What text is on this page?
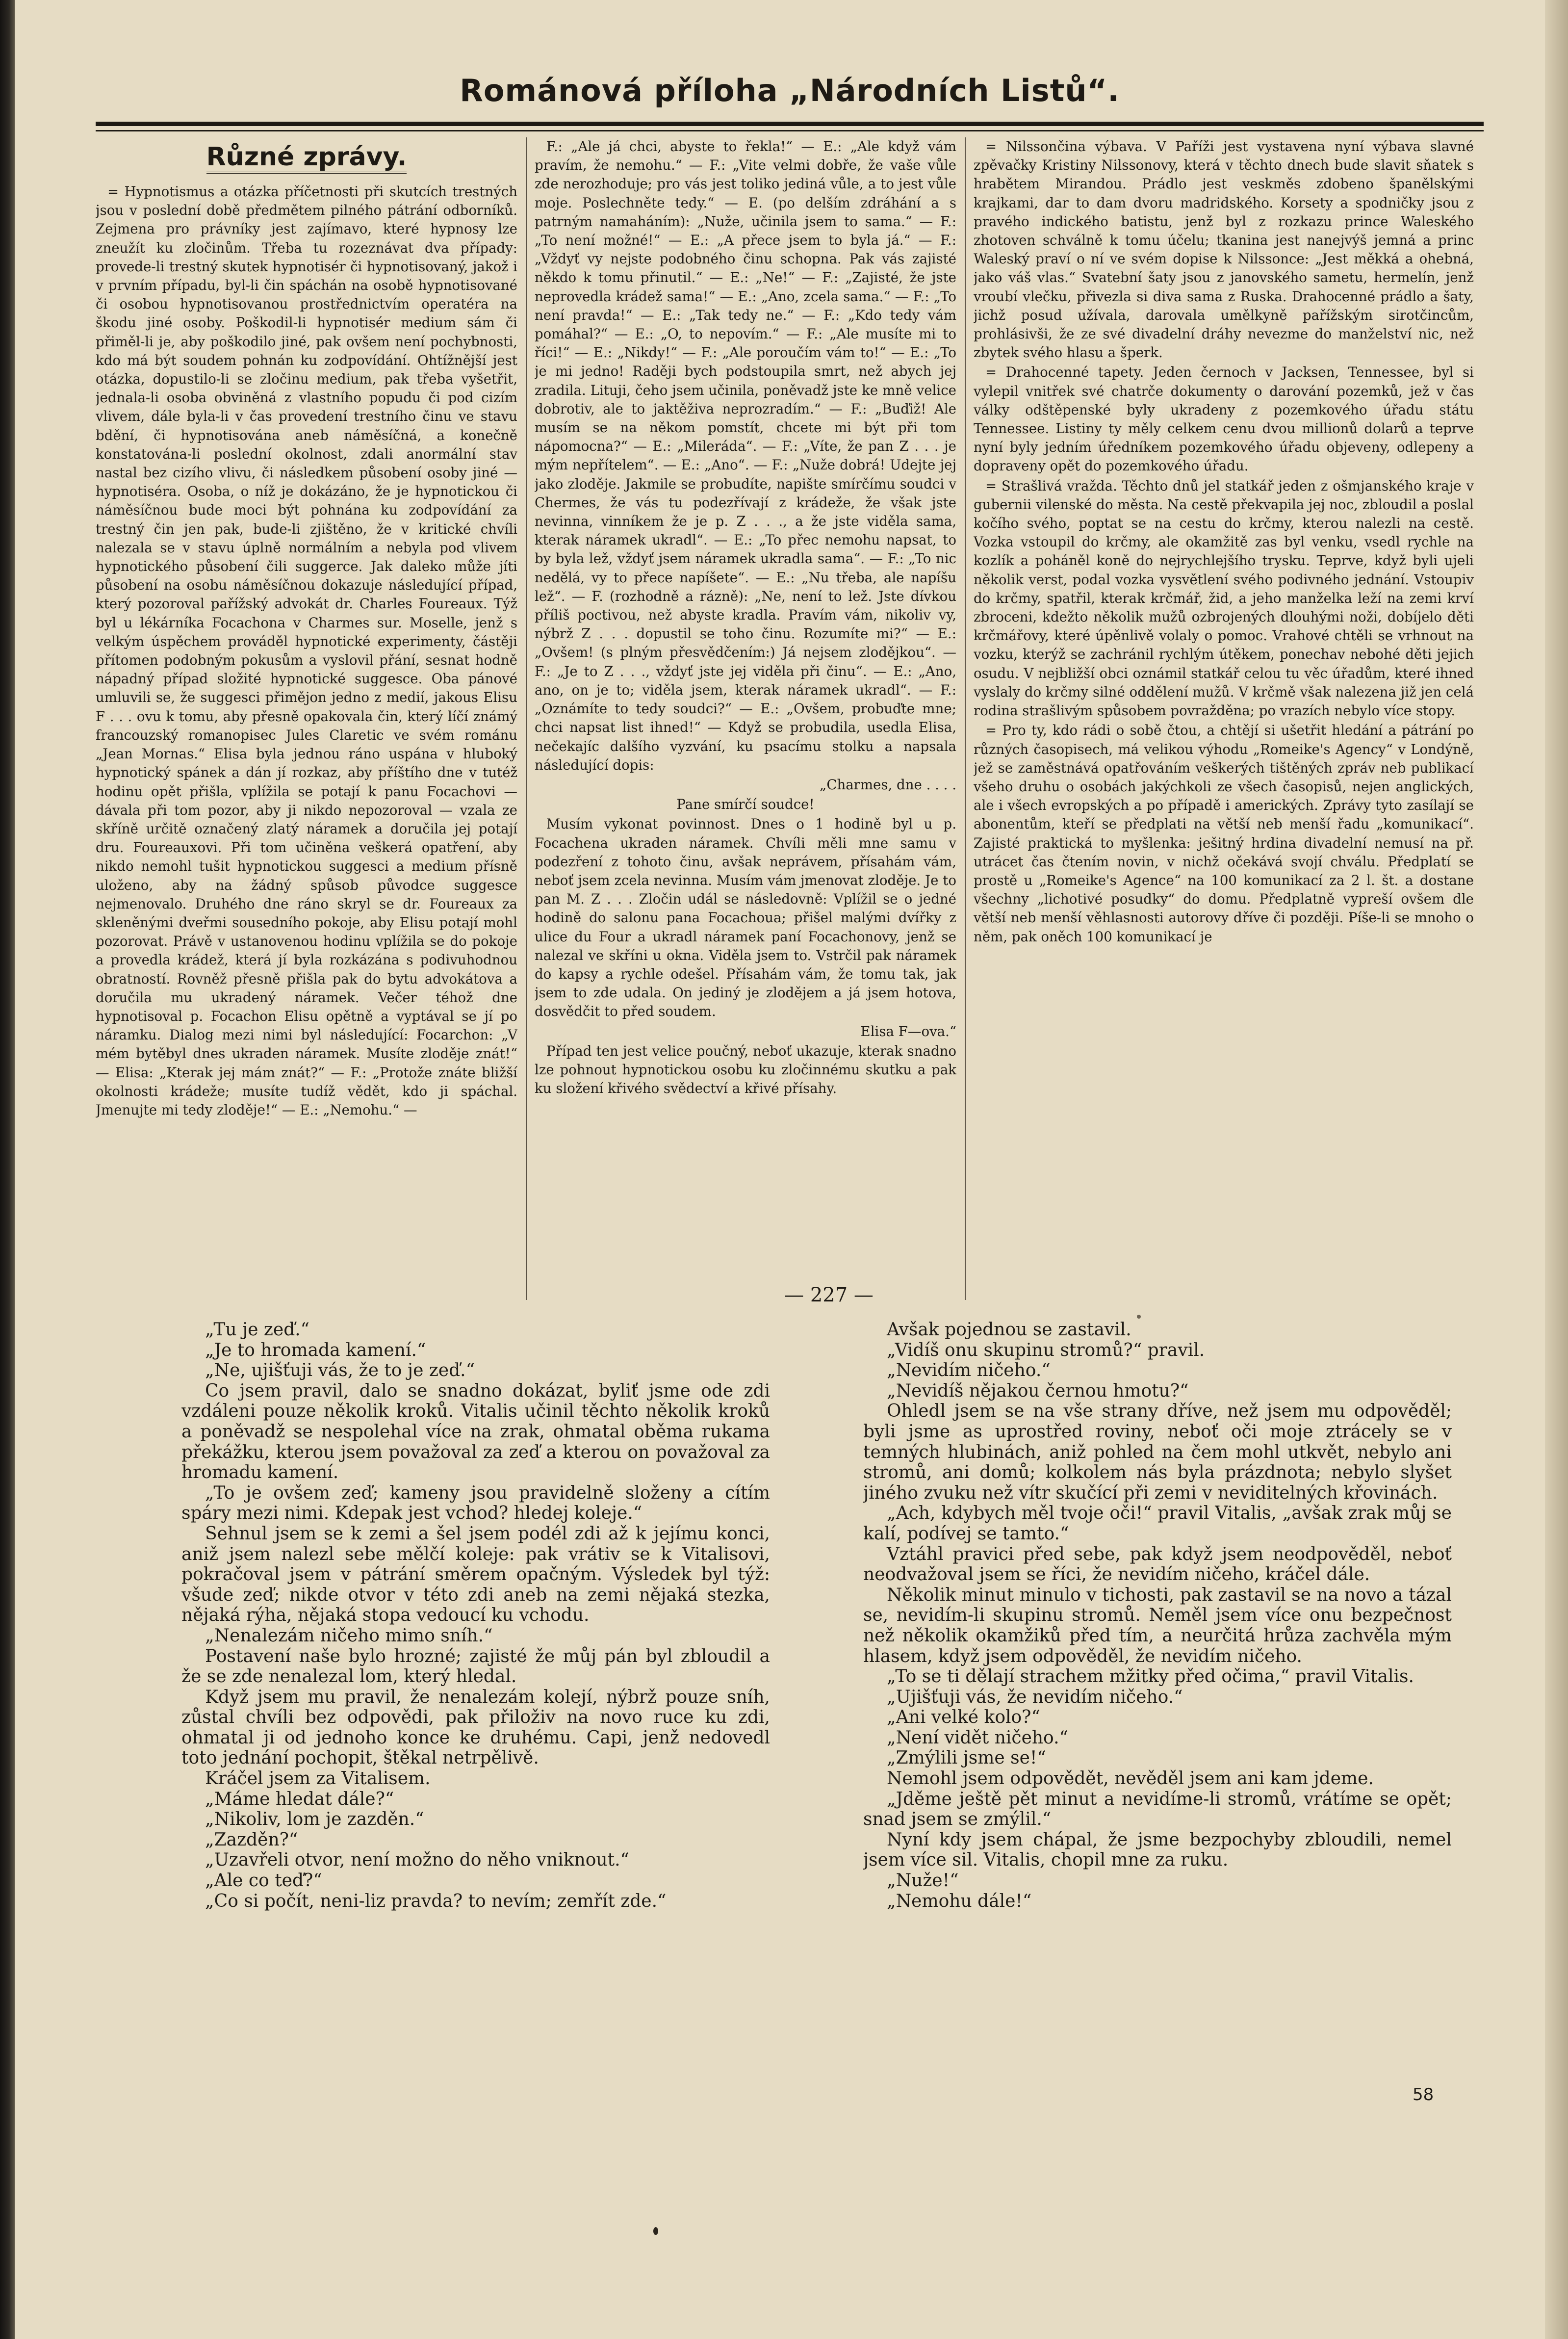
Románová příloha „Národních Listů“.
Různé zprávy.

= Hypnotismus a otázka příčetnosti při skutcích trestných jsou v poslední době předmětem pilného pátrání odborníků. Zejmena pro právníky jest zajímavo, které hypnosy lze zneužít ku zločinům. Třeba tu rozeznávat dva případy: provede-li trestný skutek hypnotisér či hypnotisovaný, jakož i v prvním případu, byl-li čin spáchán na osobě hypnotisované či osobou hypnotisovanou prostřednictvím operatéra na škodu jiné osoby. Poškodil-li hypnotisér medium sám či přiměl-li je, aby poškodilo jiné, pak ovšem není pochybnosti, kdo má být soudem pohnán ku zodpovídání. Ohtížnější jest otázka, dopustilo-li se zločinu medium, pak třeba vyšetřit, jednala-li osoba obviněná z vlastního popudu či pod cizím vlivem, dále byla-li v čas provedení trestního činu ve stavu bdění, či hypnotisována aneb náměsíčná, a konečně konstatována-li poslední okolnost, zdali anormální stav nastal bez cizího vlivu, či následkem působení osoby jiné — hypnotiséra. Osoba, o níž je dokázáno, že je hypnotickou či náměsíčnou bude moci být pohnána ku zodpovídání za trestný čin jen pak, bude-li zjištěno, že v kritické chvíli nalezala se v stavu úplně normálním a nebyla pod vlivem hypnotického působení čili suggerce. Jak daleko může jíti působení na osobu náměsíčnou dokazuje následující případ, který pozoroval pařížský advokát dr. Charles Foureaux. Týž byl u lékárníka Focachona v Charmes sur. Moselle, jenž s velkým úspěchem prováděl hypnotické experimenty, částěji přítomen podobným pokusům a vyslovil přání, sesnat hodně nápadný případ složité hypnotické suggesce. Oba pánové umluvili se, že suggesci přimějon jedno z medií, jakous Elisu F . . . ovu k tomu, aby přesně opakovala čin, který líčí známý francouzský romanopisec Jules Claretic ve svém románu „Jean Mornas.“ Elisa byla jednou ráno uspána v hluboký hypnotický spánek a dán jí rozkaz, aby příštího dne v tutéž hodinu opět přišla, vplížila se potají k panu Focachovi — dávala při tom pozor, aby ji nikdo nepozoroval — vzala ze skříně určitě označený zlatý náramek a doručila jej potají dru. Foureauxovi. Při tom učiněna veškerá opatření, aby nikdo nemohl tušit hypnotickou suggesci a medium přísně uloženo, aby na žádný spůsob původce suggesce nejmenovalo. Druhého dne ráno skryl se dr. Foureaux za skleněnými dveřmi sousedního pokoje, aby Elisu potají mohl pozorovat. Právě v ustanovenou hodinu vplížila se do pokoje a provedla krádež, která jí byla rozkázána s podivuhodnou obratností. Rovněž přesně přišla pak do bytu advokátova a doručila mu ukradený náramek. Večer téhož dne hypnotisoval p. Focachon Elisu opětně a vyptával se jí po náramku. Dialog mezi nimi byl následující: Focarchon: „V mém bytěbyl dnes ukraden náramek. Musíte zloděje znát!“ — Elisa: „Kterak jej mám znát?“ — F.: „Protože znáte bližší okolnosti krádeže; musíte tudíž vědět, kdo ji spáchal. Jmenujte mi tedy zloděje!“ — E.: „Nemohu.“ —

F.: „Ale já chci, abyste to řekla!“ — E.: „Ale když vám pravím, že nemohu.“ — F.: „Vite velmi dobře, že vaše vůle zde nerozhoduje; pro vás jest toliko jediná vůle, a to jest vůle moje. Poslechněte tedy.“ — E. (po delším zdráhání a s patrným namaháním): „Nuže, učinila jsem to sama.“ — F.: „To není možné!“ — E.: „A přece jsem to byla já.“ — F.: „Vždyť vy nejste podobného činu schopna. Pak vás zajisté někdo k tomu přinutil.“ — E.: „Ne!“ — F.: „Zajisté, že jste neprovedla krádež sama!“ — E.: „Ano, zcela sama.“ — F.: „To není pravda!“ — E.: „Tak tedy ne.“ — F.: „Kdo tedy vám pomáhal?“ — E.: „O, to nepovím.“ — F.: „Ale musíte mi to říci!“ — E.: „Nikdy!“ — F.: „Ale poroučím vám to!“ — E.: „To je mi jedno! Raději bych podstoupila smrt, než abych jej zradila. Lituji, čeho jsem učinila, poněvadž jste ke mně velice dobrotiv, ale to jaktěživa neprozradím.“ — F.: „Buďiž! Ale musím se na někom pomstít, chcete mi být při tom nápomocna?“ — E.: „Mileráda“. — F.: „Víte, že pan Z . . . je mým nepřítelem“. — E.: „Ano“. — F.: „Nuže dobrá! Udejte jej jako zloděje. Jakmile se probudíte, napište smírčímu soudci v Chermes, že vás tu podezřívají z krádeže, že však jste nevinna, vinníkem že je p. Z . . ., a že jste viděla sama, kterak náramek ukradl“. — E.: „To přec nemohu napsat, to by byla lež, vždyť jsem náramek ukradla sama“. — F.: „To nic nedělá, vy to přece napíšete“. — E.: „Nu třeba, ale napíšu lež“. — F. (rozhodně a rázně): „Ne, není to lež. Jste dívkou příliš poctivou, než abyste kradla. Pravím vám, nikoliv vy, nýbrž Z . . . dopustil se toho činu. Rozumíte mi?“ — E.: „Ovšem! (s plným přesvědčením:) Já nejsem zlodějkou“. — F.: „Je to Z . . ., vždyť jste jej viděla při činu“. — E.: „Ano, ano, on je to; viděla jsem, kterak náramek ukradl“. — F.: „Oznámíte to tedy soudci?“ — E.: „Ovšem, probuďte mne; chci napsat list ihned!“ — Když se probudila, usedla Elisa, nečekajíc dalšího vyzvání, ku psacímu stolku a napsala následující dopis:

„Charmes, dne . . . .

Pane smírčí soudce!

Musím vykonat povinnost. Dnes o 1 hodině byl u p. Focachena ukraden náramek. Chvíli měli mne samu v podezření z tohoto činu, avšak neprávem, přísahám vám, neboť jsem zcela nevinna. Musím vám jmenovat zloděje. Je to pan M. Z . . . Zločin udál se následovně: Vplížil se o jedné hodině do salonu pana Focachoua; přišel malými dvířky z ulice du Four a ukradl náramek paní Focachonovy, jenž se nalezal ve skříni u okna. Viděla jsem to. Vstrčil pak náramek do kapsy a rychle odešel. Přísahám vám, že tomu tak, jak jsem to zde udala. On jediný je zlodějem a já jsem hotova, dosvědčit to před soudem.

Elisa F—ova.“

Případ ten jest velice poučný, neboť ukazuje, kterak snadno lze pohnout hypnotickou osobu ku zločinnému skutku a pak ku složení křivého svědectví a křivé přísahy.

= Nilssončina výbava. V Paříži jest vystavena nyní výbava slavné zpěvačky Kristiny Nilssonovy, která v těchto dnech bude slavit sňatek s hrabětem Mirandou. Prádlo jest veskměs zdobeno španělskými krajkami, dar to dam dvoru madridského. Korsety a spodničky jsou z pravého indického batistu, jenž byl z rozkazu prince Waleského zhotoven schválně k tomu účelu; tkanina jest nanejvýš jemná a princ Waleský praví o ní ve svém dopise k Nilssonce: „Jest měkká a ohebná, jako váš vlas.“ Svatební šaty jsou z janovského sametu, hermelín, jenž vroubí vlečku, přivezla si diva sama z Ruska. Drahocenné prádlo a šaty, jichž posud užívala, darovala umělkyně pařížským sirotčincům, prohlásivši, že ze své divadelní dráhy nevezme do manželství nic, než zbytek svého hlasu a šperk.

= Drahocenné tapety. Jeden černoch v Jacksen, Tennessee, byl si vylepil vnitřek své chatrče dokumenty o darování pozemků, jež v čas války odštěpenské byly ukradeny z pozemkového úřadu státu Tennessee. Listiny ty měly celkem cenu dvou millionů dolarů a teprve nyní byly jedním úředníkem pozemkového úřadu objeveny, odlepeny a dopraveny opět do pozemkového úřadu.

= Strašlivá vražda. Těchto dnů jel statkář jeden z ošmjanského kraje v gubernii vilenské do města. Na cestě překvapila jej noc, zbloudil a poslal kočího svého, poptat se na cestu do krčmy, kterou nalezli na cestě. Vozka vstoupil do krčmy, ale okamžitě zas byl venku, vsedl rychle na kozlík a poháněl koně do nejrychlejšího trysku. Teprve, když byli ujeli několik verst, podal vozka vysvětlení svého podivného jednání. Vstoupiv do krčmy, spatřil, kterak krčmář, žid, a jeho manželka leží na zemi krví zbroceni, kdežto několik mužů ozbrojených dlouhými noži, dobíjelo děti krčmářovy, které úpěnlivě volaly o pomoc. Vrahové chtěli se vrhnout na vozku, kterýž se zachránil rychlým útěkem, ponechav nebohé děti jejich osudu. V nejbližší obci oznámil statkář celou tu věc úřadům, které ihned vyslaly do krčmy silné oddělení mužů. V krčmě však nalezena již jen celá rodina strašlivým spůsobem povražděna; po vrazích nebylo více stopy.

= Pro ty, kdo rádi o sobě čtou, a chtějí si ušetřit hledání a pátrání po různých časopisech, má velikou výhodu „Romeike's Agency“ v Londýně, jež se zaměstnává opatřováním veškerých tištěných zpráv neb publikací všeho druhu o osobách jakýchkoli ze všech časopisů, nejen anglických, ale i všech evropských a po případě i amerických. Zprávy tyto zasílají se abonentům, kteří se předplati na větší neb menší řadu „komunikací“. Zajisté praktická to myšlenka: ješitný hrdina divadelní nemusí na př. utrácet čas čtením novin, v nichž očekává svojí chválu. Předplatí se prostě u „Romeike's Agence“ na 100 komunikací za 2 l. št. a dostane všechny „lichotivé posudky“ do domu. Předplatně vypreší ovšem dle větší neb menší věhlasnosti autorovy dříve či později. Píše-li se mnoho o něm, pak oněch 100 komunikací je

— 227 —

„Tu je zeď.“

„Je to hromada kamení.“

„Ne, ujišťuji vás, že to je zeď.“

Co jsem pravil, dalo se snadno dokázat, byliť jsme ode zdi vzdáleni pouze několik kroků. Vitalis učinil těchto několik kroků a poněvadž se nespolehal více na zrak, ohmatal oběma rukama překážku, kterou jsem považoval za zeď a kterou on považoval za hromadu kamení.

„To je ovšem zeď; kameny jsou pravidelně složeny a cítím spáry mezi nimi. Kdepak jest vchod? hledej koleje.“

Sehnul jsem se k zemi a šel jsem podél zdi až k jejímu konci, aniž jsem nalezl sebe mělčí koleje: pak vrátiv se k Vitalisovi, pokračoval jsem v pátrání směrem opačným. Výsledek byl týž: všude zeď; nikde otvor v této zdi aneb na zemi nějaká stezka, nějaká rýha, nějaká stopa vedoucí ku vchodu.

„Nenalezám ničeho mimo sníh.“

Postavení naše bylo hrozné; zajisté že můj pán byl zbloudil a že se zde nenalezal lom, který hledal.

Když jsem mu pravil, že nenalezám kolejí, nýbrž pouze sníh, zůstal chvíli bez odpovědi, pak přiloživ na novo ruce ku zdi, ohmatal ji od jednoho konce ke druhému. Capi, jenž nedovedl toto jednání pochopit, štěkal netrpělivě.

Kráčel jsem za Vitalisem.

„Máme hledat dále?“

„Nikoliv, lom je zazděn.“

„Zazděn?“

„Uzavřeli otvor, není možno do něho vniknout.“

„Ale co teď?“

„Co si počít, neni-liz pravda? to nevím; zemřít zde.“

Avšak pojednou se zastavil.

„Vidíš onu skupinu stromů?“ pravil.

„Nevidím ničeho.“

„Nevidíš nějakou černou hmotu?“

Ohledl jsem se na vše strany dříve, než jsem mu odpověděl; byli jsme as uprostřed roviny, neboť oči moje ztrácely se v temných hlubinách, aniž pohled na čem mohl utkvět, nebylo ani stromů, ani domů; kolkolem nás byla prázdnota; nebylo slyšet jiného zvuku než vítr skučící při zemi v neviditelných křovinách.

„Ach, kdybych měl tvoje oči!“ pravil Vitalis, „avšak zrak můj se kalí, podívej se tamto.“

Vztáhl pravici před sebe, pak když jsem neodpověděl, neboť neodvažoval jsem se říci, že nevidím ničeho, kráčel dále.

Několik minut minulo v tichosti, pak zastavil se na novo a tázal se, nevidím-li skupinu stromů. Neměl jsem více onu bezpečnost než několik okamžiků před tím, a neurčitá hrůza zachvěla mým hlasem, když jsem odpověděl, že nevidím ničeho.

„To se ti dělají strachem mžitky před očima,“ pravil Vitalis.

„Ujišťuji vás, že nevidím ničeho.“

„Ani velké kolo?“

„Není vidět ničeho.“

„Zmýlili jsme se!“

Nemohl jsem odpovědět, nevěděl jsem ani kam jdeme.

„Jděme ještě pět minut a nevidíme-li stromů, vrátíme se opět; snad jsem se zmýlil.“

Nyní kdy jsem chápal, že jsme bezpochyby zbloudili, nemel jsem více sil. Vitalis, chopil mne za ruku.

„Nuže!“

„Nemohu dále!“

58
